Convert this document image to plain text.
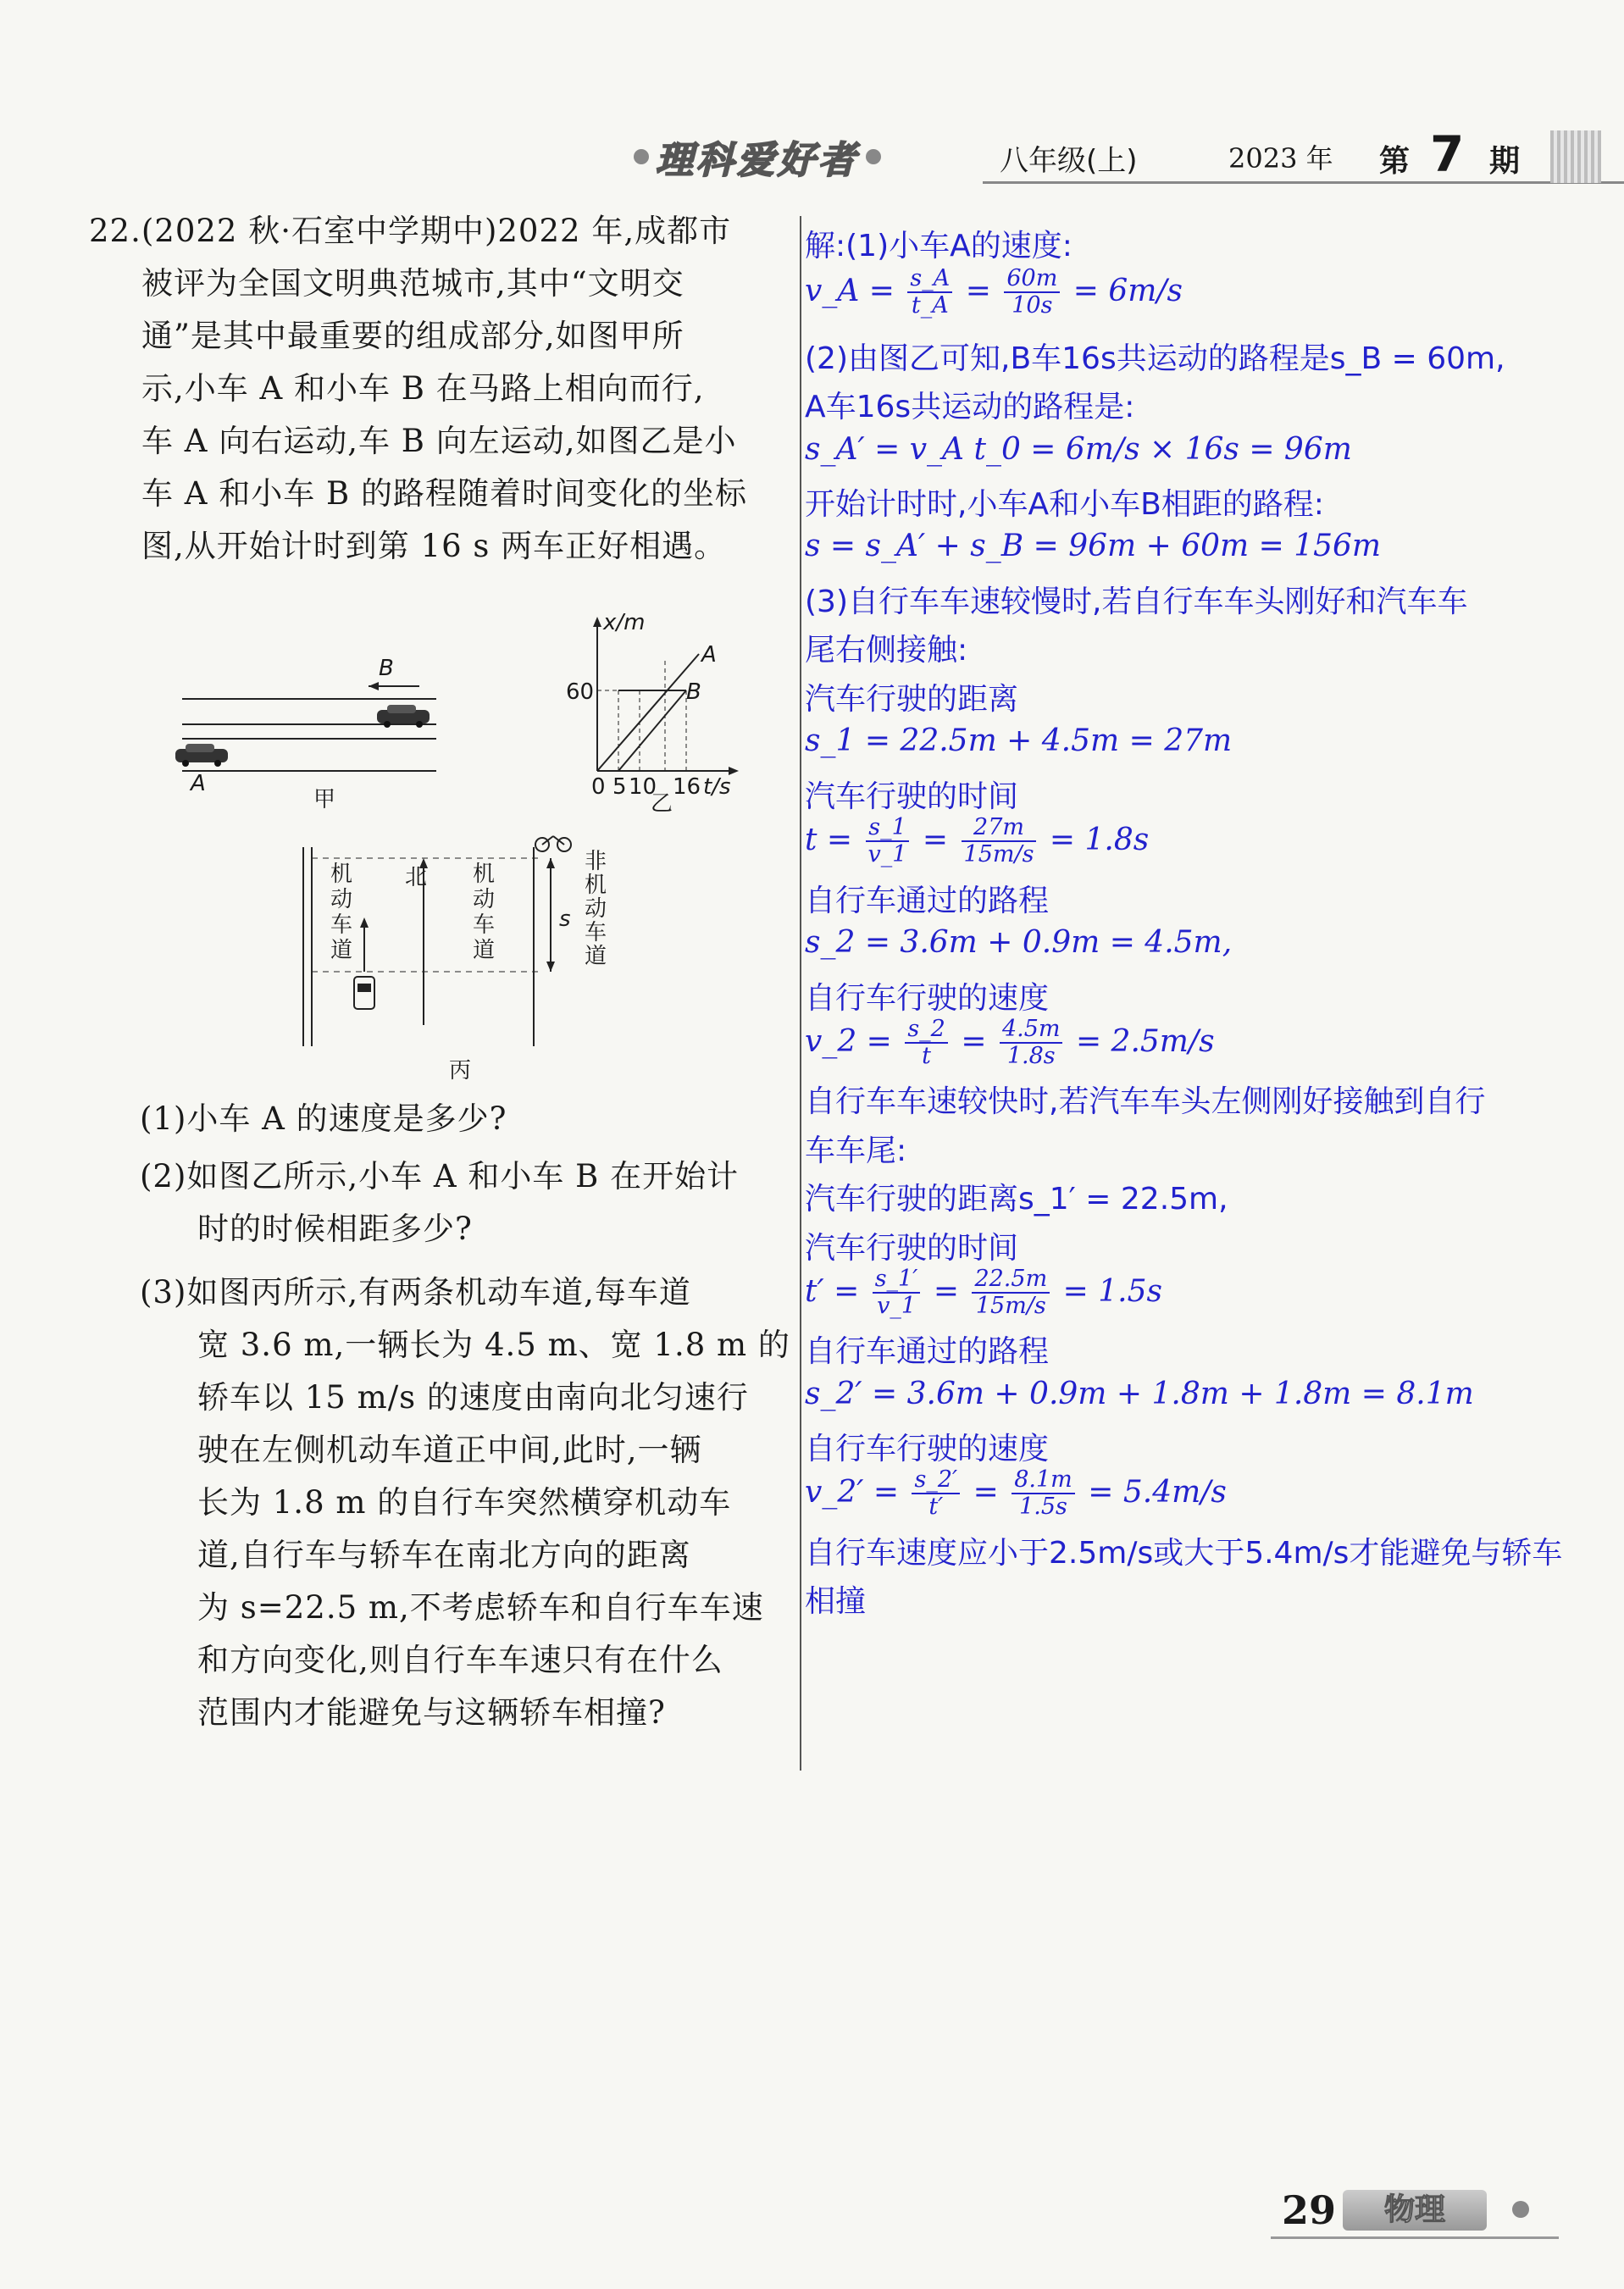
理科爱好者	八年级(上)	2023 年 第 7 期
22.(2022 秋·石室中学期中)2022 年,成都市
被评为全国文明典范城市,其中“文明交
通”是其中最重要的组成部分,如图甲所
示,小车 A 和小车 B 在马路上相向而行,
车 A 向右运动,车 B 向左运动,如图乙是小
车 A 和小车 B 的路程随着时间变化的坐标
图,从开始计时到第 16 s 两车正好相遇。
B
A
甲
x/m
A
B
60
0 5 10 16 t/s
乙
机动车道
北 机动车道
非机动车道
s
丙
(1)小车 A 的速度是多少?
(2)如图乙所示,小车 A 和小车 B 在开始计
时的时候相距多少?
(3)如图丙所示,有两条机动车道,每车道
宽 3.6 m,一辆长为 4.5 m、宽 1.8 m 的
轿车以 15 m/s 的速度由南向北匀速行
驶在左侧机动车道正中间,此时,一辆
长为 1.8 m 的自行车突然横穿机动车
道,自行车与轿车在南北方向的距离
为 s=22.5 m,不考虑轿车和自行车车速
和方向变化,则自行车车速只有在什么
范围内才能避免与这辆轿车相撞?
解:(1)小车A的速度:
v_A = $\frac{s\_A}{t\_A} = \frac{60m}{10s} = 6m/s$
(2)由图乙可知,B车16s共运动的路程是s_B = 60m,
A车16s共运动的路程是:
s_A′ = v_A t_0 = 6m/s × 16s = 96m
开始计时时,小车A和小车B相距的路程:
s = s_A′ + s_B = 96m + 60m = 156m
(3)自行车车速较慢时,若自行车车头刚好和汽车车
尾右侧接触:
汽车行驶的距离
s_1 = 22.5m + 4.5m = 27m
汽车行驶的时间
$t = \frac{s\_1}{v\_1} = \frac{27m}{15m/s} = 1.8s$
自行车通过的路程
s_2 = 3.6m + 0.9m = 4.5m,
自行车行驶的速度
v_2 = $\frac{s\_2}{t} = \frac{4.5m}{1.8s} = 2.5m/s$
自行车车速较快时,若汽车车头左侧刚好接触到自行
车车尾:
汽车行驶的距离s_1′ = 22.5m,
汽车行驶的时间
$t' = \frac{s\_1'}{v\_1} = \frac{22.5m}{15m/s} = 1.5s$
自行车通过的路程
s_2′ = 3.6m + 0.9m + 1.8m + 1.8m = 8.1m
自行车行驶的速度
v_2′ = $\frac{s\_2'}{t'} = \frac{8.1m}{1.5s} = 5.4m/s$
自行车速度应小于2.5m/s或大于5.4m/s才能避免与轿车
相撞
29	物理
